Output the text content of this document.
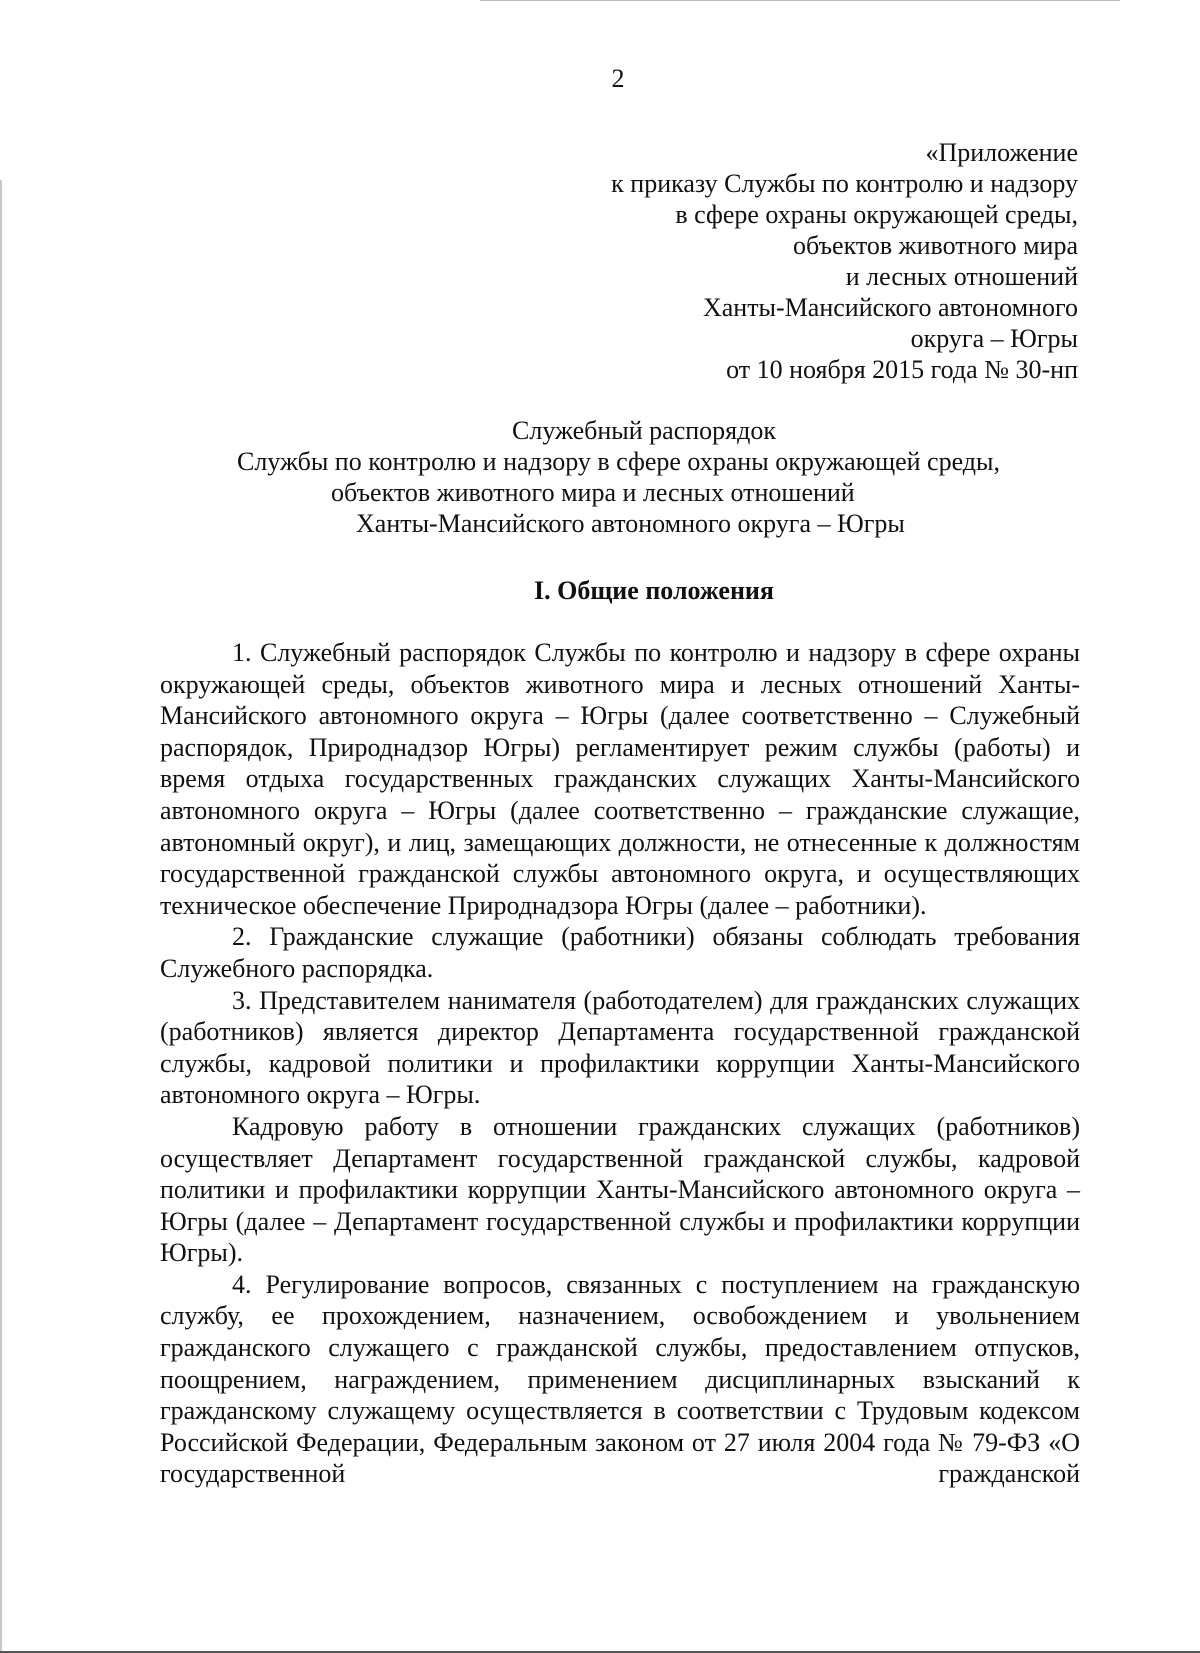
2
«Приложение
к приказу Службы по контролю и надзору
в сфере охраны окружающей среды,
объектов животного мира
и лесных отношений
Ханты-Мансийского автономного
округа – Югры
от 10 ноября 2015 года № 30-нп
Служебный распорядок
Службы по контролю и надзору в сфере охраны окружающей среды,
объектов животного мира и лесных отношений
Ханты-Мансийского автономного округа – Югры
I. Общие положения

1. Служебный распорядок Службы по контролю и надзору в сфере охраны окружающей среды, объектов животного мира и лесных отношений Ханты-Мансийского автономного округа – Югры (далее соответственно – Служебный распорядок, Природнадзор Югры) регламентирует режим службы (работы) и время отдыха государственных гражданских служащих Ханты-Мансийского автономного округа – Югры (далее соответственно – гражданские служащие, автономный округ), и лиц, замещающих должности, не отнесенные к должностям государственной гражданской службы автономного округа, и осуществляющих техническое обеспечение Природнадзора Югры (далее – работники).

2. Гражданские служащие (работники) обязаны соблюдать требования Служебного распорядка.

3. Представителем нанимателя (работодателем) для гражданских служащих (работников) является директор Департамента государственной гражданской службы, кадровой политики и профилактики коррупции Ханты-Мансийского автономного округа – Югры.

Кадровую работу в отношении гражданских служащих (работников) осуществляет Департамент государственной гражданской службы, кадровой политики и профилактики коррупции Ханты-Мансийского автономного округа – Югры (далее – Департамент государственной службы и профилактики коррупции Югры).

4. Регулирование вопросов, связанных с поступлением на гражданскую службу, ее прохождением, назначением, освобождением и увольнением гражданского служащего с гражданской службы, предоставлением отпусков, поощрением, награждением, применением дисциплинарных взысканий к гражданскому служащему осуществляется в соответствии с Трудовым кодексом Российской Федерации, Федеральным законом от 27 июля 2004 года № 79-ФЗ «О государственной гражданской
